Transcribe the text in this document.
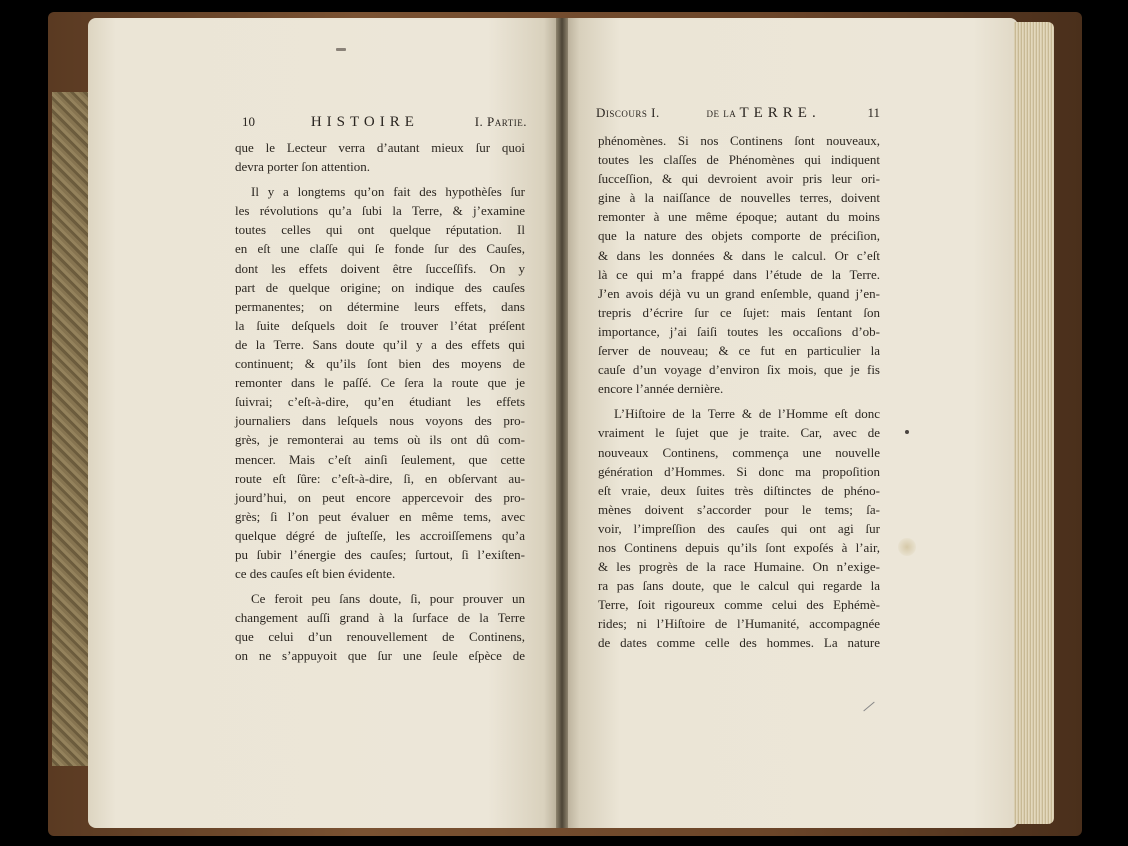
10	HISTOIRE	I. Partie.
Discours I.	de la TERRE.	11
que le Lecteur verra d’autant mieux ſur quoi
devra porter ſon attention.
Il y a longtems qu’on fait des hypothèſes ſur
les révolutions qu’a ſubi la Terre, & j’examine
toutes celles qui ont quelque réputation. Il
en eſt une claſſe qui ſe fonde ſur des Cauſes,
dont les effets doivent être ſucceſſifs. On y
part de quelque origine; on indique des cauſes
permanentes; on détermine leurs effets, dans
la ſuite deſquels doit ſe trouver l’état préſent
de la Terre. Sans doute qu’il y a des effets qui
continuent; & qu’ils ſont bien des moyens de
remonter dans le paſſé. Ce ſera la route que je
ſuivrai; c’eſt-à-dire, qu’en étudiant les effets
journaliers dans leſquels nous voyons des pro-
grès, je remonterai au tems où ils ont dû com-
mencer. Mais c’eſt ainſi ſeulement, que cette
route eſt ſûre: c’eſt-à-dire, ſi, en obſervant au-
jourd’hui, on peut encore appercevoir des pro-
grès; ſi l’on peut évaluer en même tems, avec
quelque dégré de juſteſſe, les accroiſſemens qu’a
pu ſubir l’énergie des cauſes; ſurtout, ſi l’exiſten-
ce des cauſes eſt bien évidente.
Ce feroit peu ſans doute, ſi, pour prouver un
changement auſſi grand à la ſurface de la Terre
que celui d’un renouvellement de Continens,
on ne s’appuyoit que ſur une ſeule eſpèce de
phénomènes. Si nos Continens ſont nouveaux,
toutes les claſſes de Phénomènes qui indiquent
ſucceſſion, & qui devroient avoir pris leur ori-
gine à la naiſſance de nouvelles terres, doivent
remonter à une même époque; autant du moins
que la nature des objets comporte de préciſion,
& dans les données & dans le calcul. Or c’eſt
là ce qui m’a frappé dans l’étude de la Terre.
J’en avois déjà vu un grand enſemble, quand j’en-
trepris d’écrire ſur ce ſujet: mais ſentant ſon
importance, j’ai ſaiſi toutes les occaſions d’ob-
ſerver de nouveau; & ce fut en particulier la
cauſe d’un voyage d’environ ſix mois, que je fis
encore l’année dernière.
L’Hiſtoire de la Terre & de l’Homme eſt donc
vraiment le ſujet que je traite. Car, avec de
nouveaux Continens, commença une nouvelle
génération d’Hommes. Si donc ma propoſition
eſt vraie, deux ſuites très diſtinctes de phéno-
mènes doivent s’accorder pour le tems; ſa-
voir, l’impreſſion des cauſes qui ont agi ſur
nos Continens depuis qu’ils ſont expoſés à l’air,
& les progrès de la race Humaine. On n’exige-
ra pas ſans doute, que le calcul qui regarde la
Terre, ſoit rigoureux comme celui des Ephémè-
rides; ni l’Hiſtoire de l’Humanité, accompagnée
de dates comme celle des hommes. La nature
